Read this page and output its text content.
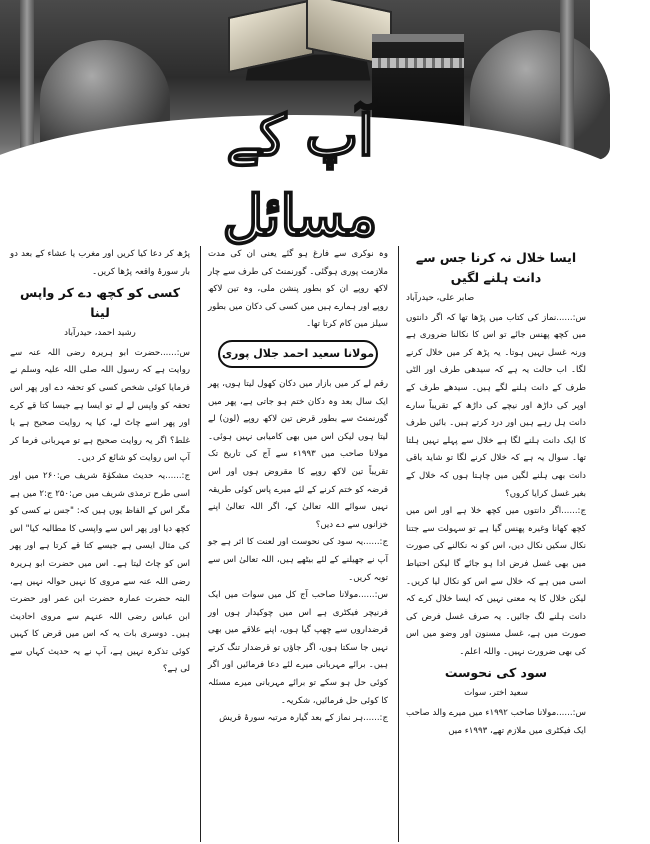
آپ کے مسائل
ایسا خلال نہ کرنا جس سے دانت ہلنے لگیں
صابر علی، حیدرآباد

س:......نماز کی کتاب میں پڑھا تھا کہ اگر دانتوں میں کچھ پھنس جائے تو اس کا نکالنا ضروری ہے ورنہ غسل نہیں ہوتا۔ یہ پڑھ کر میں خلال کرنے لگا۔ اب حالت یہ ہے کہ سیدھی طرف اور الٹی طرف کے دانت ہلنے لگے ہیں۔ سیدھے طرف کے اوپر کی داڑھ اور نیچے کی داڑھ کے تقریباً سارے دانت ہل رہے ہیں اور درد کرتے ہیں۔ بائیں طرف کا ایک دانت ہلنے لگا ہے خلال سے پہلے نہیں ہلتا تھا۔ سوال یہ ہے کہ خلال کرنے لگا تو شاید باقی دانت بھی ہلنے لگیں میں چاہتا ہوں کہ خلال کے بغیر غسل کرایا کروں؟

ج:......اگر دانتوں میں کچھ خلا ہے اور اس میں کچھ کھانا وغیرہ پھنس گیا ہے تو سہولت سے جتنا نکال سکیں نکال دیں، اس کو نہ نکالنے کی صورت میں بھی غسل فرض ادا ہو جائے گا لیکن احتیاط اسی میں ہے کہ خلال سے اس کو نکال لیا کریں۔ لیکن خلال کا یہ معنی نہیں کہ ایسا خلال کرے کہ دانت ہلنے لگ جائیں۔ یہ صرف غسل فرض کی صورت میں ہے، غسل مسنون اور وضو میں اس کی بھی ضرورت نہیں۔ واللہ اعلم۔

سود کی نحوست
سعید اختر، سوات

س:......مولانا صاحب ۱۹۹۲ء میں میرے والد صاحب ایک فیکٹری میں ملازم تھے، ۱۹۹۳ء میں

وہ نوکری سے فارغ ہو گئے یعنی ان کی مدت ملازمت پوری ہوگئی۔ گورنمنٹ کی طرف سے چار لاکھ روپے ان کو بطور پنشن ملی، وہ تین لاکھ روپے اور ہمارے ہیں میں کسی کی دکان میں بطور سیلز مین کام کرتا تھا۔

مولانا سعید احمد جلال پوری

رقم لے کر میں بازار میں دکان کھول لیتا ہوں، پھر ایک سال بعد وہ دکان ختم ہو جاتی ہے، پھر میں گورنمنٹ سے بطور قرض تین لاکھ روپے (لون) لے لیتا ہوں لیکن اس میں بھی کامیابی نہیں ہوئی۔ مولانا صاحب میں ۱۹۹۳ء سے آج کی تاریخ تک تقریباً تین لاکھ روپے کا مقروض ہوں اور اس قرضہ کو ختم کرنے کے لئے میرے پاس کوئی طریقہ نہیں سوائے اللہ تعالیٰ کے، اگر اللہ تعالیٰ اپنے خزانوں سے دے دیں؟

ج:......یہ سود کی نحوست اور لعنت کا اثر ہے جو آپ نے جھیلنے کے لئے بیٹھے ہیں، اللہ تعالیٰ اس سے توبہ کریں۔

س:......مولانا صاحب آج کل میں سوات میں ایک فرنیچر فیکٹری ہے اس میں چوکیدار ہوں اور قرضداروں سے چھپ گیا ہوں، اپنے علاقے میں بھی نہیں جا سکتا ہوں، اگر جاؤں تو قرضدار تنگ کرتے ہیں۔ برائے مہربانی میرے لئے دعا فرمائیں اور اگر کوئی حل ہو سکے تو برائے مہربانی میرے مسئلہ کا کوئی حل فرمائیں، شکریہ۔

ج:......ہر نماز کے بعد گیارہ مرتبہ سورۂ قریش

پڑھ کر دعا کیا کریں اور مغرب یا عشاء کے بعد دو بار سورۂ واقعہ پڑھا کریں۔

کسی کو کچھ دے کر واپس لینا
رشید احمد، حیدرآباد

س:......حضرت ابو ہریرہ رضی اللہ عنہ سے روایت ہے کہ رسول اللہ صلی اللہ علیہ وسلم نے فرمایا کوئی شخص کسی کو تحفہ دے اور پھر اس تحفہ کو واپس لے لے تو ایسا ہے جیسا کتا قے کرے اور پھر اسے چاٹ لے، کیا یہ روایت صحیح ہے یا غلط؟ اگر یہ روایت صحیح ہے تو مہربانی فرما کر آپ اس روایت کو شائع کر دیں۔

ج:......یہ حدیث مشکوٰۃ شریف ص:۲۶۰ میں اور اسی طرح ترمذی شریف میں ص:۲۵۰ ج:۲ میں ہے مگر اس کے الفاظ یوں ہیں کہ: "جس نے کسی کو کچھ دیا اور پھر اس سے واپسی کا مطالبہ کیا" اس کی مثال ایسی ہے جیسے کتا قے کرتا ہے اور پھر اس کو چاٹ لیتا ہے۔ اس میں حضرت ابو ہریرہ رضی اللہ عنہ سے مروی کا نہیں حوالہ نہیں ہے، البتہ حضرت عمارہ حضرت ابن عمر اور حضرت ابن عباس رضی اللہ عنہم سے مروی احادیث ہیں۔ دوسری بات یہ کہ اس میں قرض کا کہیں کوئی تذکرہ نہیں ہے، آپ نے یہ حدیث کہاں سے لی ہے؟
